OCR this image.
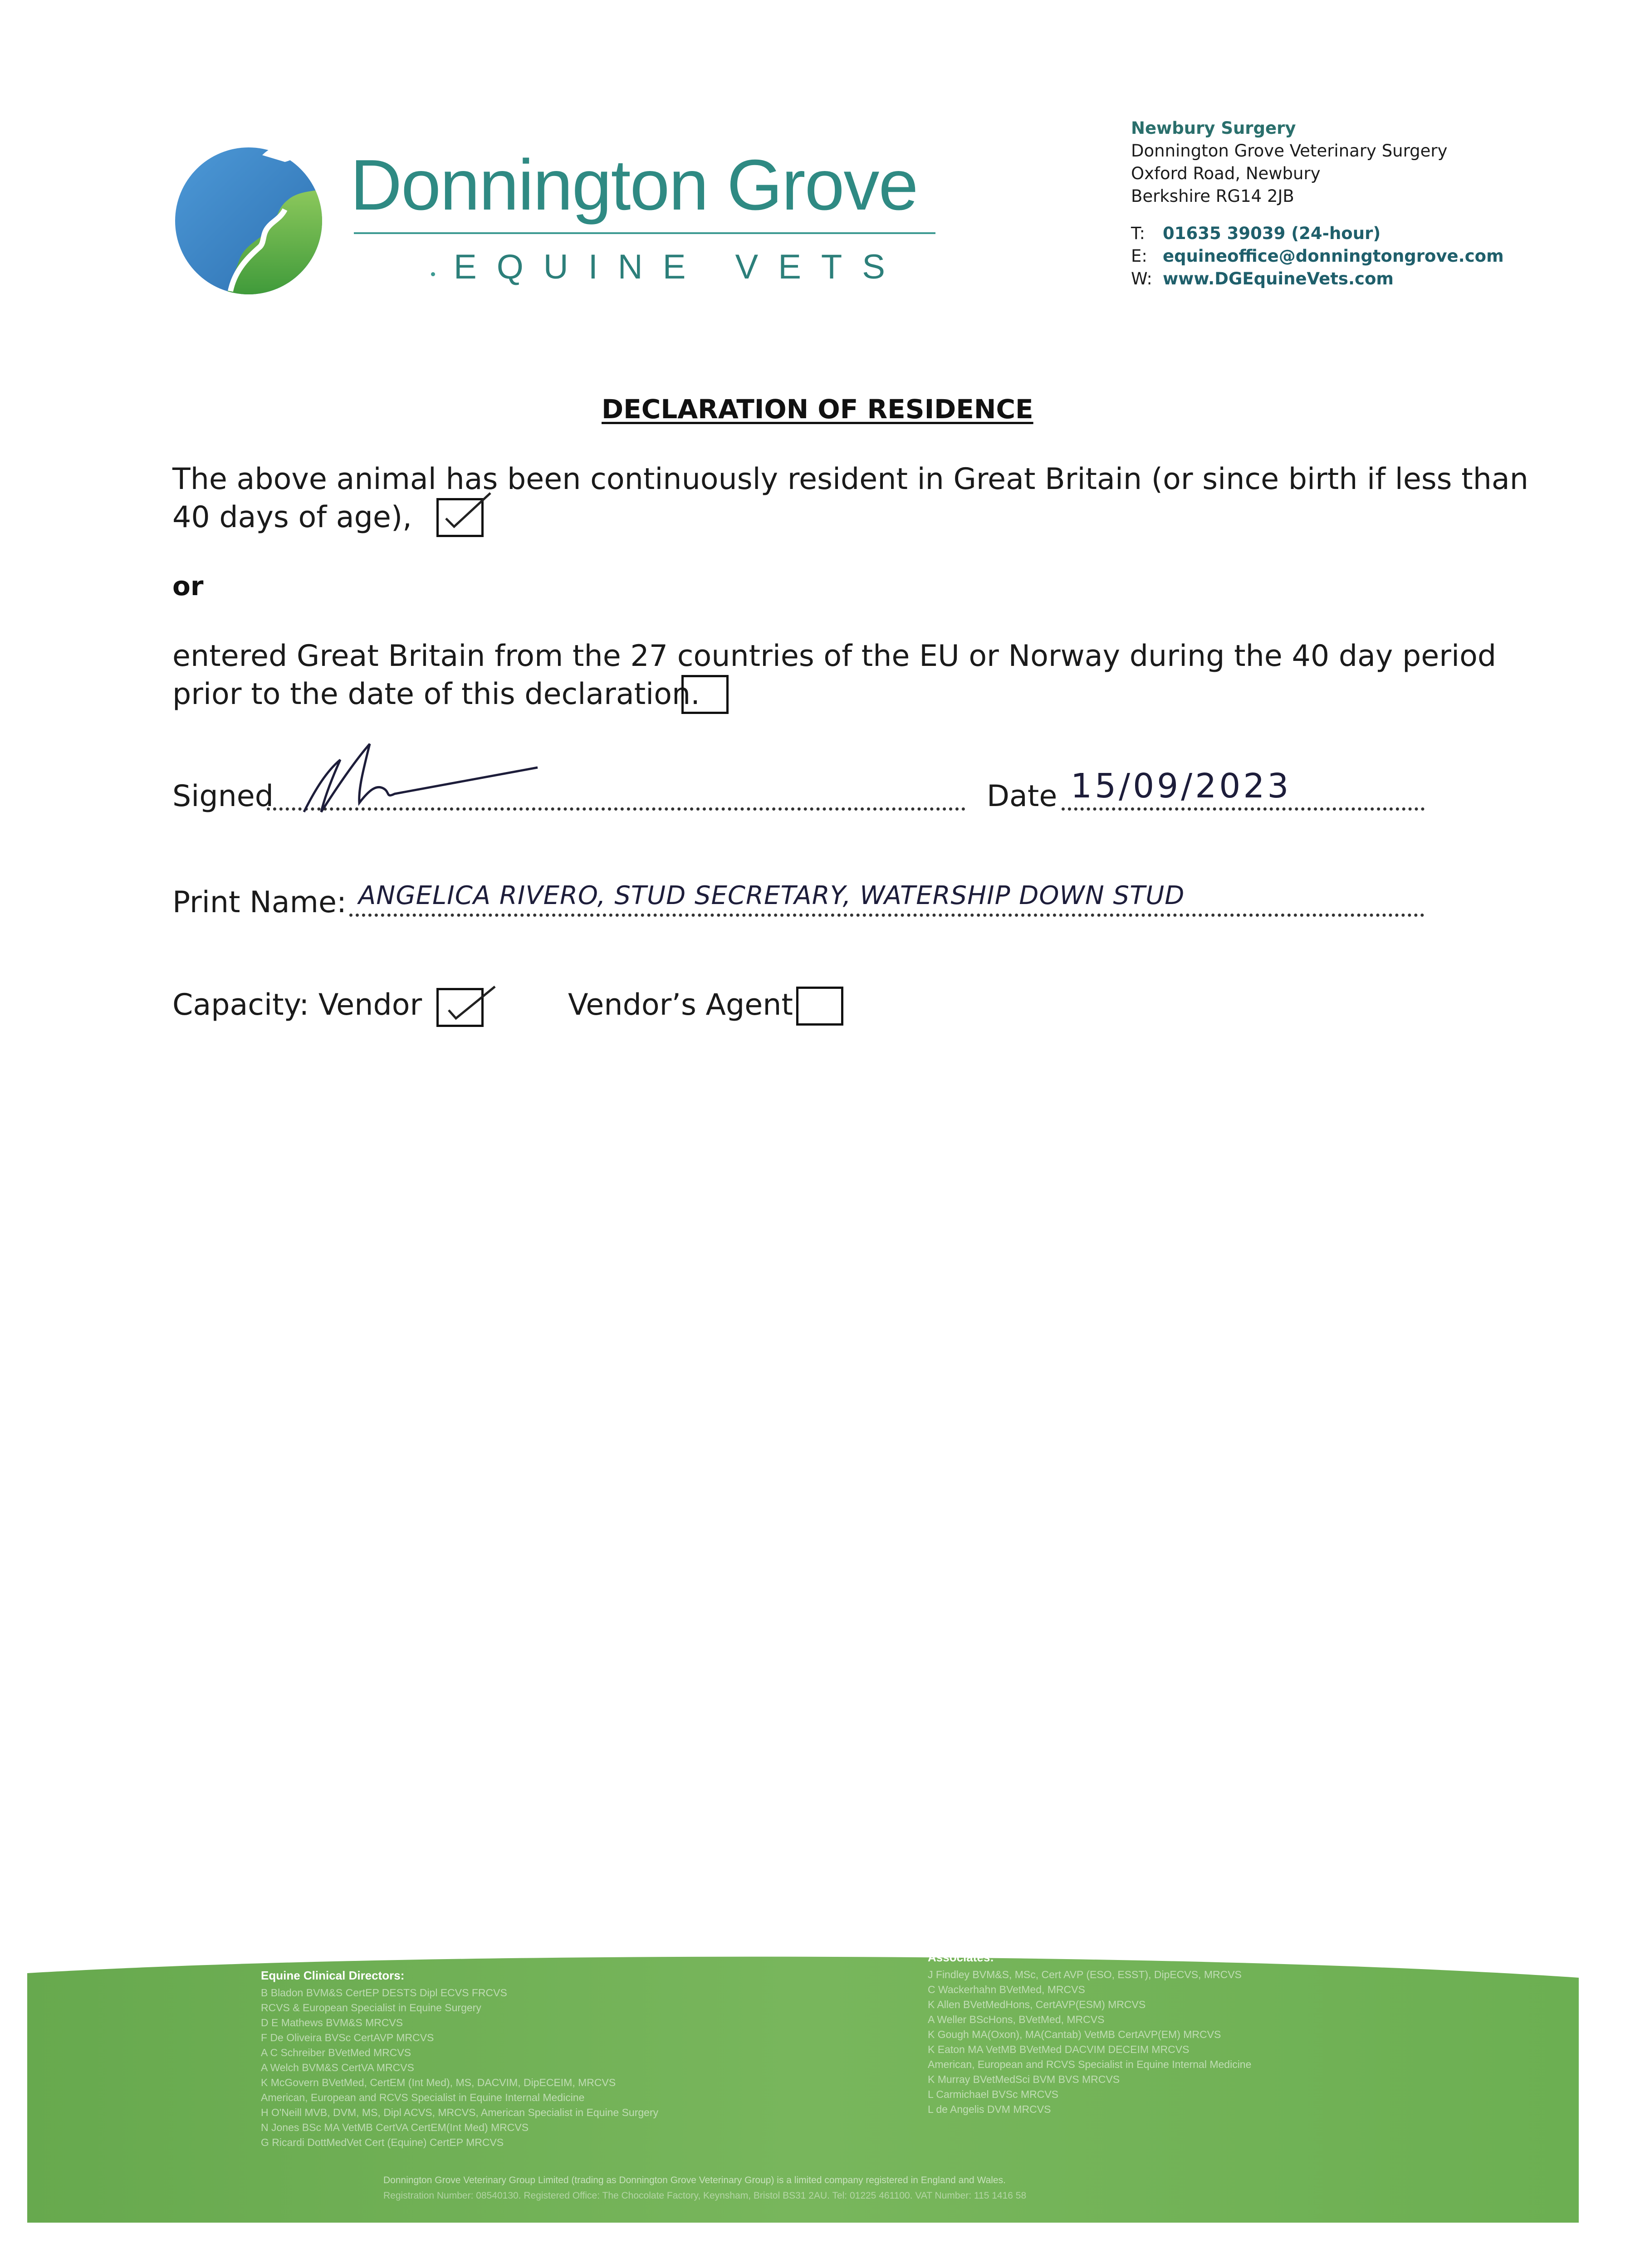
Donnington Grove
EQUINE VETS
Newbury Surgery
Donnington Grove Veterinary Surgery
Oxford Road, Newbury
Berkshire RG14 2JB
T:	01635 39039 (24-hour)
E: equineoffice@donningtongrove.com
W: www.DGEquineVets.com
DECLARATION OF RESIDENCE
The above animal has been continuously resident in Great Britain (or since birth if less than
40 days of age),
or
entered Great Britain from the 27 countries of the EU or Norway during the 40 day period
prior to the date of this declaration.
Signed	Date 15/09/2023
Print Name: ANGELICA RIVERO, STUD SECRETARY, WATERSHIP DOWN STUD
Capacity: Vendor	Vendor’s Agent
Equine Clinical Directors:
B Bladon BVM&S CertEP DESTS Dipl ECVS FRCVS
RCVS & European Specialist in Equine Surgery
D E Mathews BVM&S MRCVS
F De Oliveira BVSc CertAVP MRCVS
A C Schreiber BVetMed MRCVS
A Welch BVM&S CertVA MRCVS
K McGovern BVetMed, CertEM (Int Med), MS, DACVIM, DipECEIM, MRCVS
American, European and RCVS Specialist in Equine Internal Medicine
H O'Neill MVB, DVM, MS, Dipl ACVS, MRCVS, American Specialist in Equine Surgery
N Jones BSc MA VetMB CertVA CertEM(Int Med) MRCVS
G Ricardi DottMedVet Cert (Equine) CertEP MRCVS
Associates:
J Findley BVM&S, MSc, Cert AVP (ESO, ESST), DipECVS, MRCVS
C Wackerhahn BVetMed, MRCVS
K Allen BVetMedHons, CertAVP(ESM) MRCVS
A Weller BScHons, BVetMed, MRCVS
K Gough MA(Oxon), MA(Cantab) VetMB CertAVP(EM) MRCVS
K Eaton MA VetMB BVetMed DACVIM DECEIM MRCVS
American, European and RCVS Specialist in Equine Internal Medicine
K Murray BVetMedSci BVM BVS MRCVS
L Carmichael BVSc MRCVS
L de Angelis DVM MRCVS
Donnington Grove Veterinary Group Limited (trading as Donnington Grove Veterinary Group) is a limited company registered in England and Wales.
Registration Number: 08540130. Registered Office: The Chocolate Factory, Keynsham, Bristol BS31 2AU. Tel: 01225 461100. VAT Number: 115 1416 58
